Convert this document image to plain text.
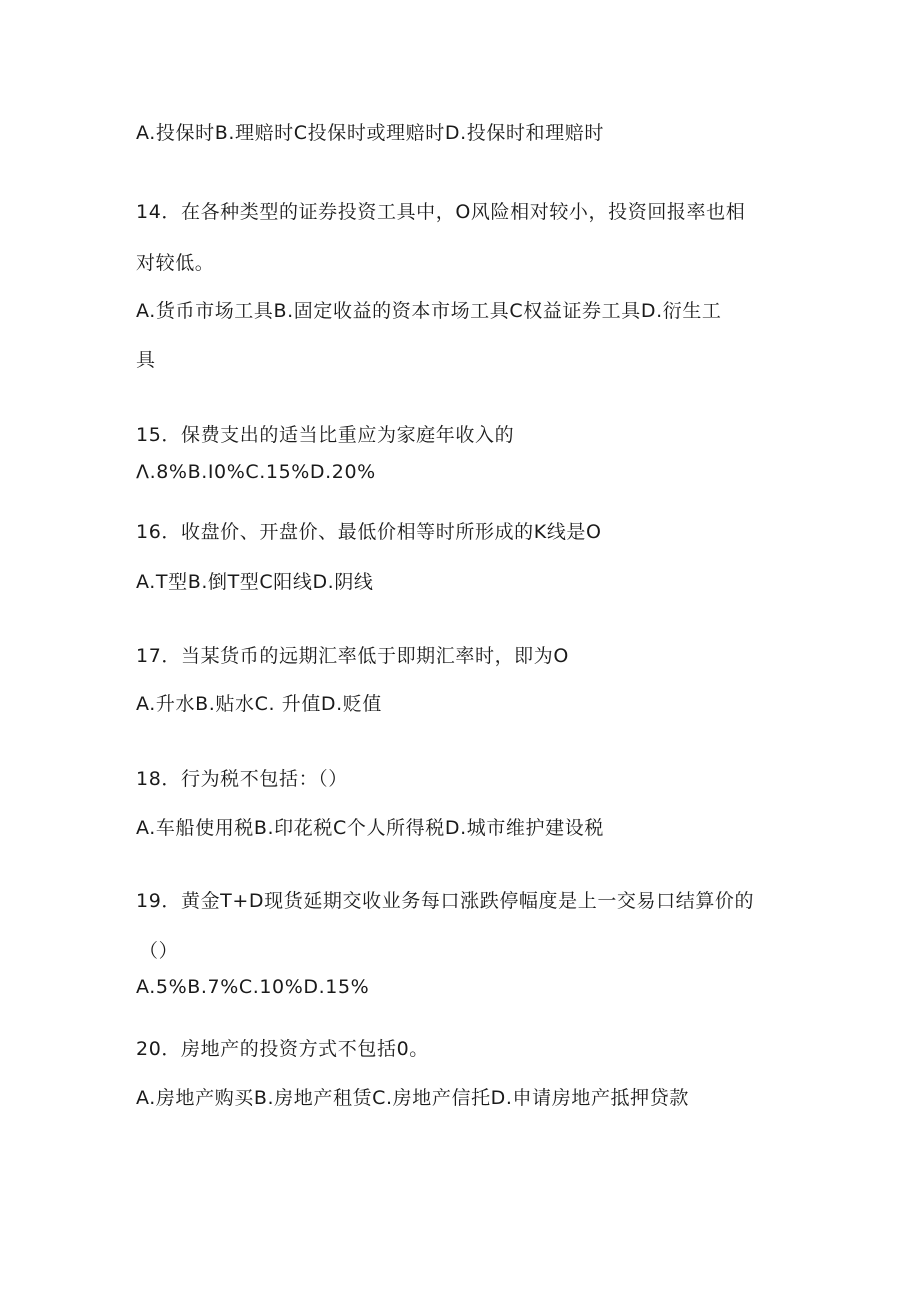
A.投保时B.理赔时C投保时或理赔时D.投保时和理赔时
14．在各种类型的证券投资工具中，O风险相对较小，投资回报率也相
对较低。
A.货币市场工具B.固定收益的资本市场工具C权益证券工具D.衍生工
具
15．保费支出的适当比重应为家庭年收入的
Λ.8%B.I0%C.15%D.20%
16．收盘价、开盘价、最低价相等时所形成的K线是O
A.T型B.倒T型C阳线D.阴线
17．当某货币的远期汇率低于即期汇率时，即为O
A.升水B.贴水C. 升值D.贬值
18．行为税不包括：（）
A.车船使用税B.印花税C个人所得税D.城市维护建设税
19．黄金T+D现货延期交收业务每口涨跌停幅度是上一交易口结算价的
（）
A.5%B.7%C.10%D.15%
20．房地产的投资方式不包括0。
A.房地产购买B.房地产租赁C.房地产信托D.申请房地产抵押贷款
